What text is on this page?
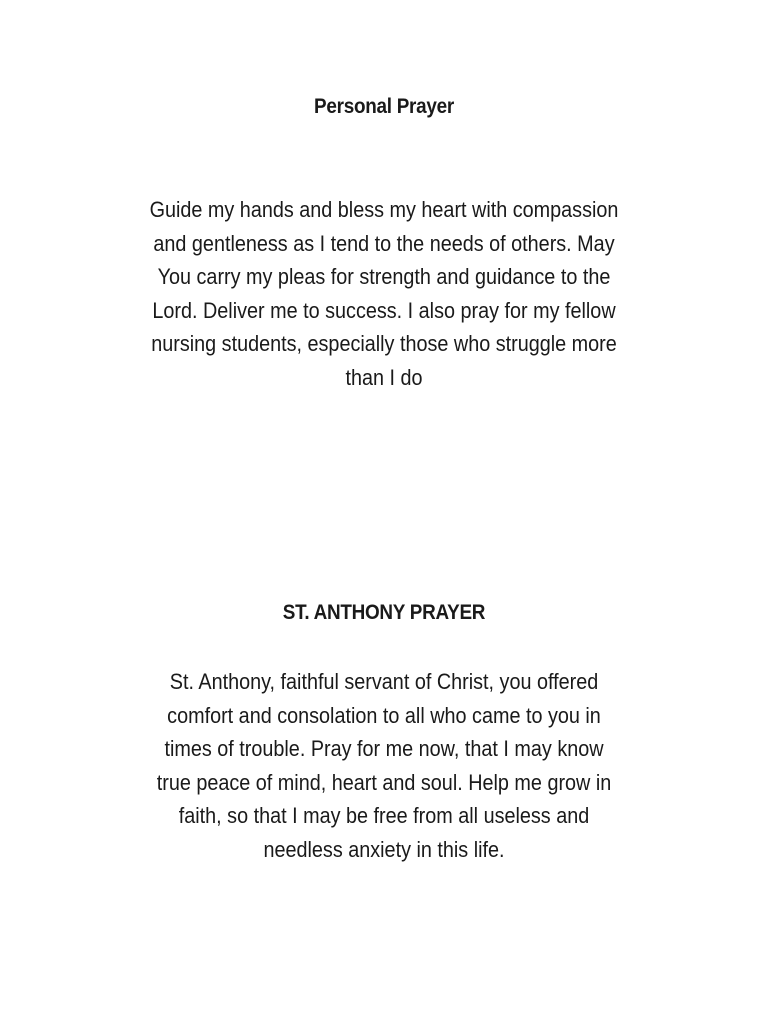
Personal Prayer

Guide my hands and bless my heart with compassion
and gentleness as I tend to the needs of others. May
You carry my pleas for strength and guidance to the
Lord. Deliver me to success. I also pray for my fellow
nursing students, especially those who struggle more
than I do

ST. ANTHONY PRAYER

St. Anthony, faithful servant of Christ, you offered
comfort and consolation to all who came to you in
times of trouble. Pray for me now, that I may know
true peace of mind, heart and soul. Help me grow in
faith, so that I may be free from all useless and
needless anxiety in this life.
